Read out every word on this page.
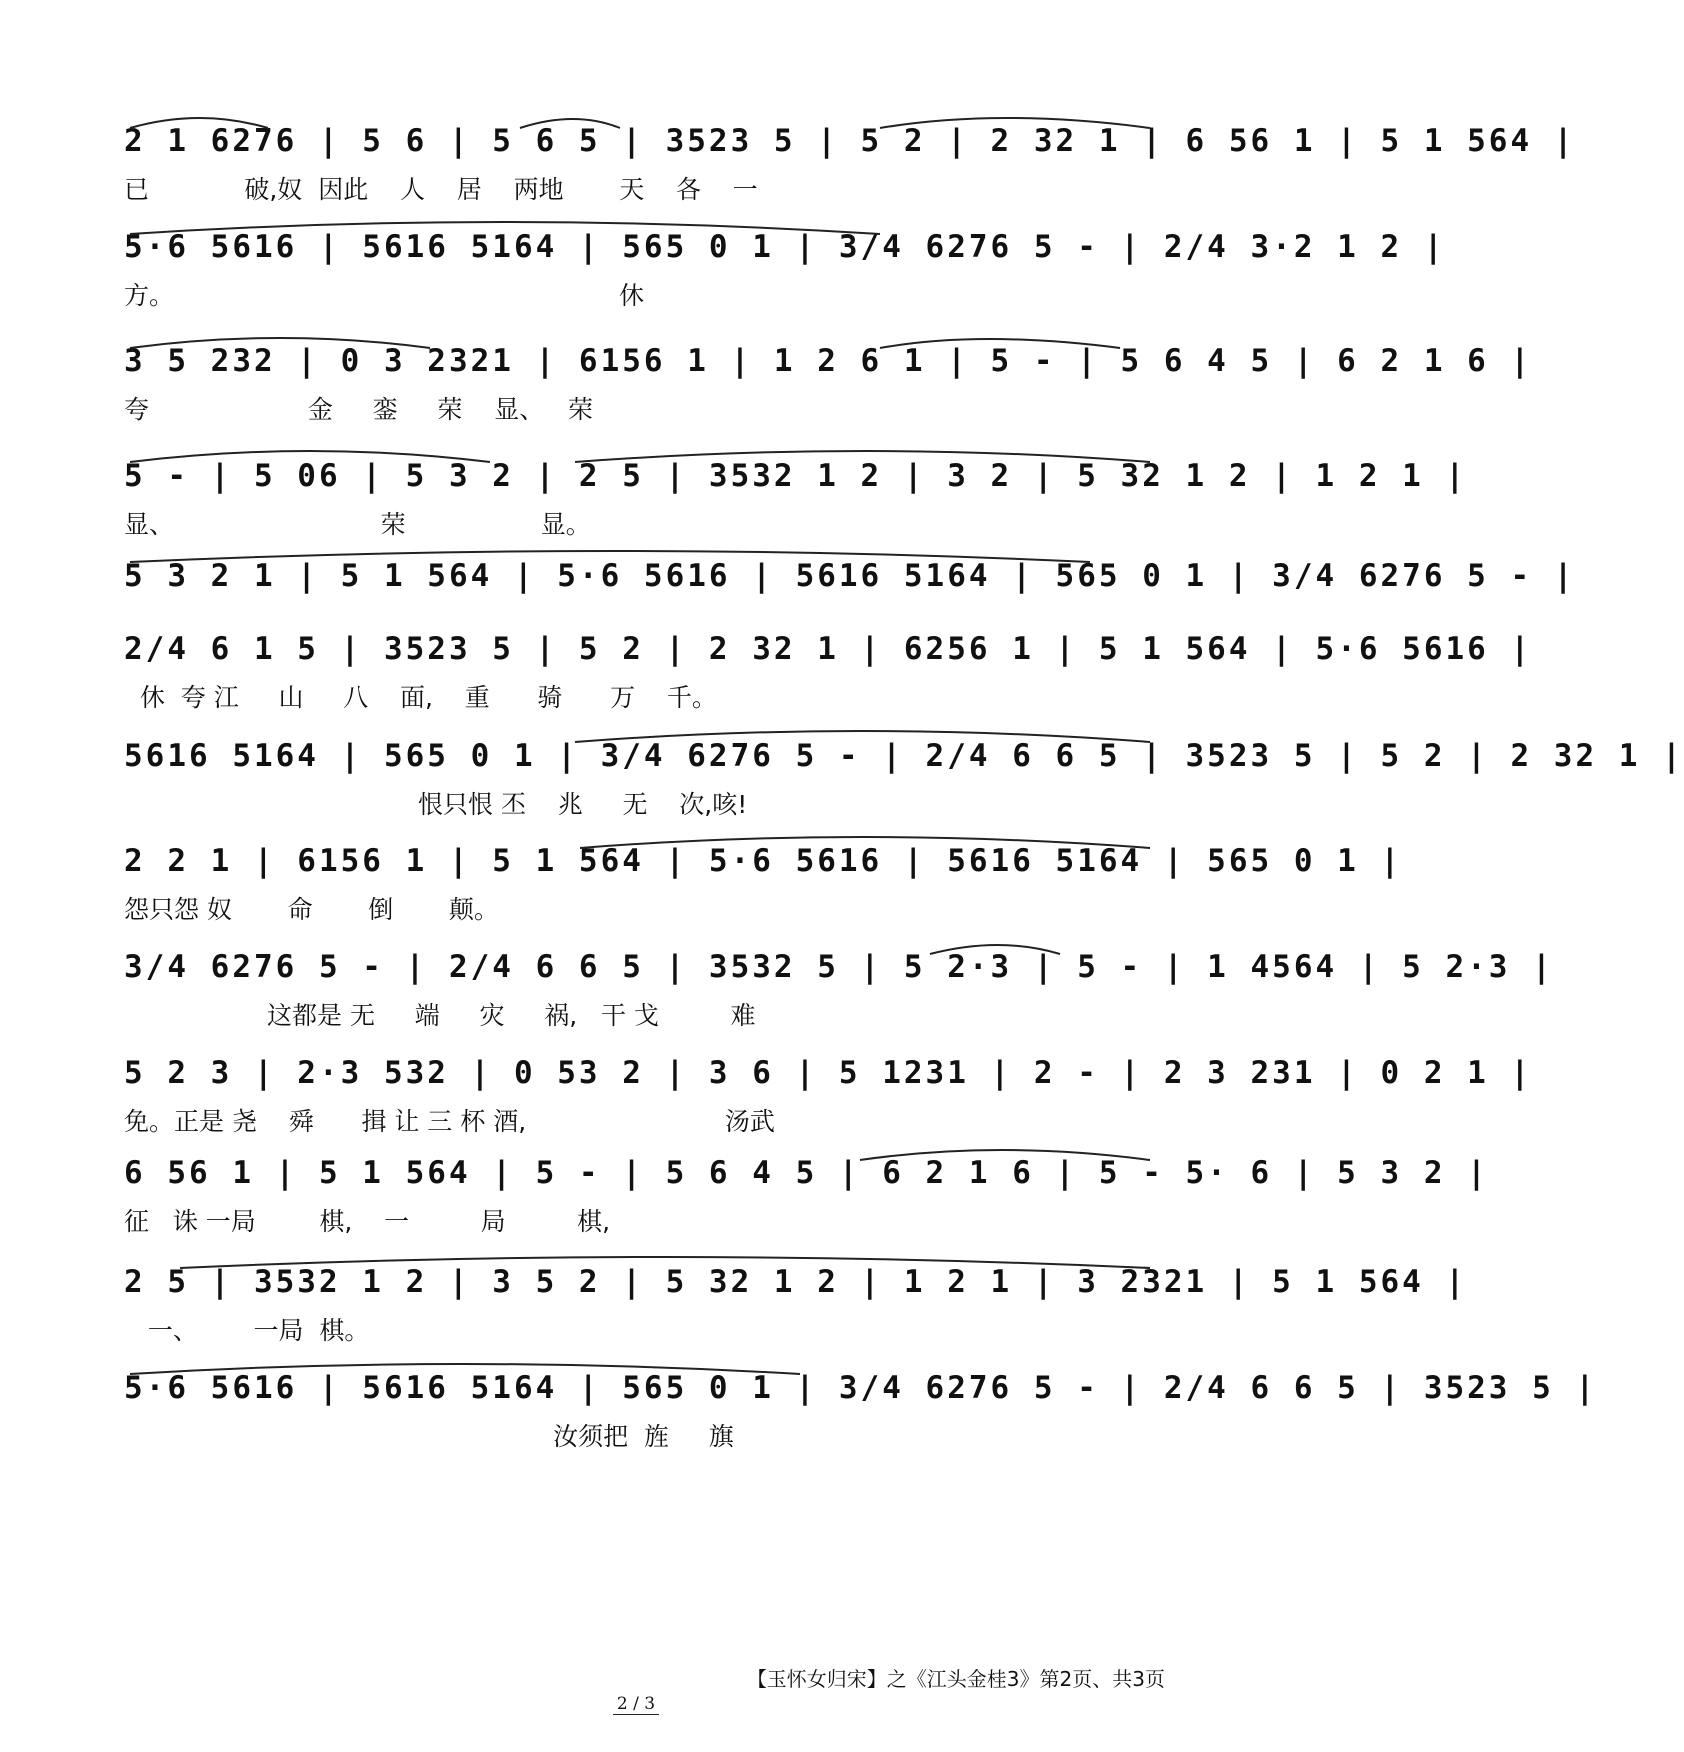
2 1 6276 | 5 6 | 5 6 5 | 3523 5 | 5 2 | 2 32 1 | 6 56 1 | 5 1 564 |
已            破,奴  因此    人    居    两地       天    各    一
5·6 5616 | 5616 5164 | 565 0 1 | 3/4 6276 5 - | 2/4 3·2 1 2 |
方。                                                        休
3 5 232 | 0 3 2321 | 6156 1 | 1 2 6 1 | 5 - | 5 6 4 5 | 6 2 1 6 |
夸                    金     銮     荣    显、   荣
5 - | 5 06 | 5 3 2 | 2 5 | 3532 1 2 | 3 2 | 5 32 1 2 | 1 2 1 |
显、                          荣                 显。
5 3 2 1 | 5 1 564 | 5·6 5616 | 5616 5164 | 565 0 1 | 3/4 6276 5 - |
2/4 6 1 5 | 3523 5 | 5 2 | 2 32 1 | 6256 1 | 5 1 564 | 5·6 5616 |
休  夸 江     山     八    面,    重      骑      万    千。
5616 5164 | 565 0 1 | 3/4 6276 5 - | 2/4 6 6 5 | 3523 5 | 5 2 | 2 32 1 |
恨只恨 丕    兆     无    次,咳!
2 2 1 | 6156 1 | 5 1 564 | 5·6 5616 | 5616 5164 | 565 0 1 |
怨只怨 奴       命       倒       颠。
3/4 6276 5 - | 2/4 6 6 5 | 3532 5 | 5 2·3 | 5 - | 1 4564 | 5 2·3 |
这都是 无     端     灾     祸,   干 戈         难
5 2 3 | 2·3 532 | 0 53 2 | 3 6 | 5 1231 | 2 - | 2 3 231 | 0 2 1 |
免。正是 尧    舜      揖 让 三 杯 酒,                         汤武
6 56 1 | 5 1 564 | 5 - | 5 6 4 5 | 6 2 1 6 | 5 - 5· 6 | 5 3 2 |
征   诛 一局        棋,    一         局         棋,
2 5 | 3532 1 2 | 3 5 2 | 5 32 1 2 | 1 2 1 | 3 2321 | 5 1 564 |
一、       一局  棋。
5·6 5616 | 5616 5164 | 565 0 1 | 3/4 6276 5 - | 2/4 6 6 5 | 3523 5 |
汝须把  旌     旗
【玉怀女归宋】之《江头金桂3》第2页、共3页
2 / 3
